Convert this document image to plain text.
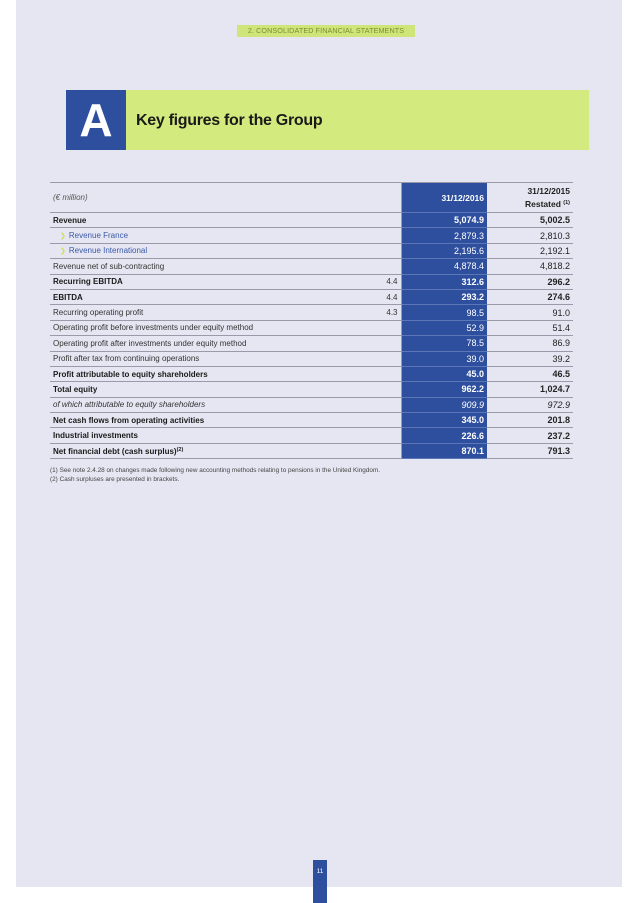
2. CONSOLIDATED FINANCIAL STATEMENTS
A	Key figures for the Group
(€ million)		31/12/2016	31/12/2015
Restated $^{(1)}$
Revenue		5,074.9	5,002.5
❯ Revenue France		2,879.3	2,810.3
❯ Revenue International		2,195.6	2,192.1
Revenue net of sub-contracting		4,878.4	4,818.2
Recurring EBITDA	4.4	312.6	296.2
EBITDA	4.4	293.2	274.6
Recurring operating profit	4.3	98.5	91.0
Operating profit before investments under equity method		52.9	51.4
Operating profit after investments under equity method		78.5	86.9
Profit after tax from continuing operations		39.0	39.2
Profit attributable to equity shareholders		45.0	46.5
Total equity		962.2	1,024.7
of which attributable to equity shareholders		909.9	972.9
Net cash flows from operating activities		345.0	201.8
Industrial investments		226.6	237.2
Net financial debt (cash surplus)$^{(2)}$		870.1	791.3
(1) See note 2.4.28 on changes made following new accounting methods relating to pensions in the United Kingdom.
(2) Cash surpluses are presented in brackets.
11
